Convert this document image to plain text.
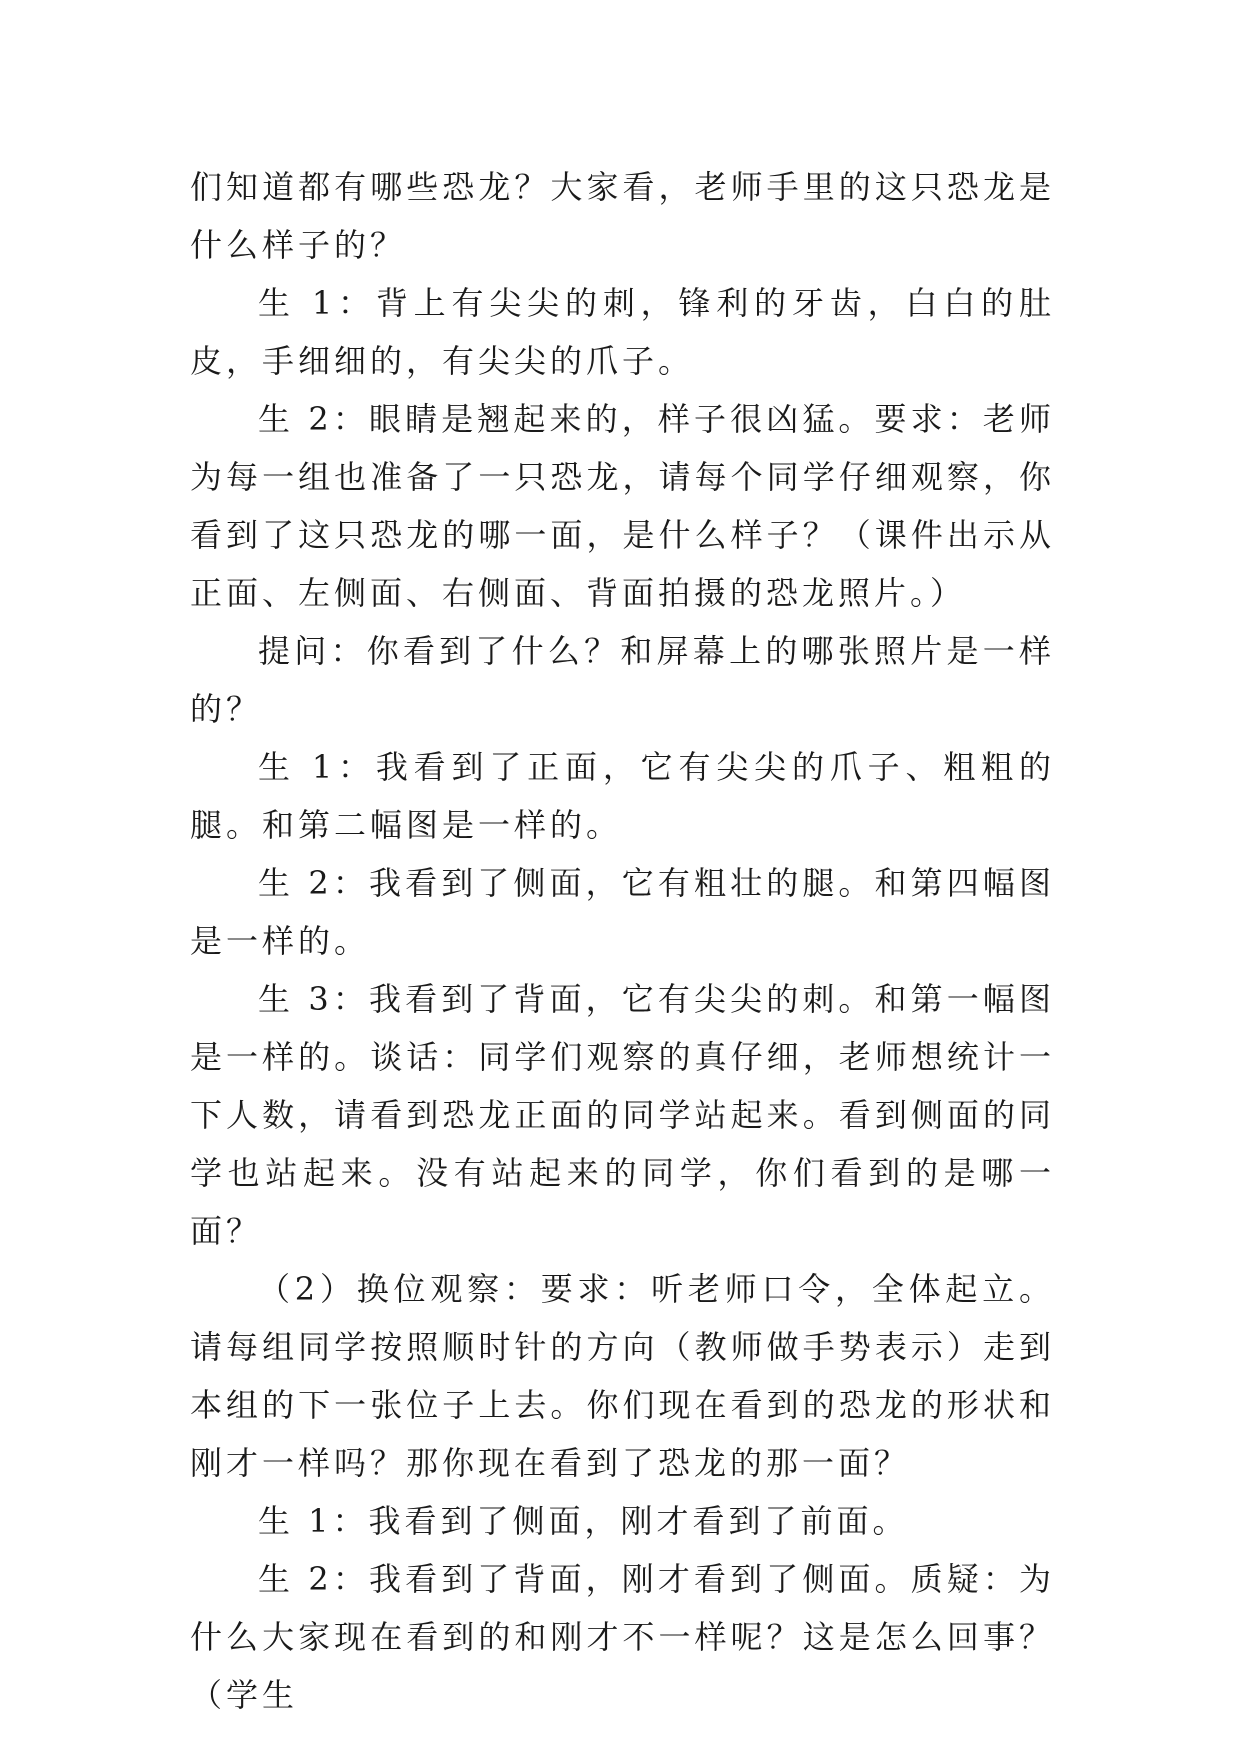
们知道都有哪些恐龙？大家看，老师手里的这只恐龙是什么样子的？

生 1：背上有尖尖的刺，锋利的牙齿，白白的肚皮，手细细的，有尖尖的爪子。

生 2：眼睛是翘起来的，样子很凶猛。要求：老师为每一组也准备了一只恐龙，请每个同学仔细观察，你看到了这只恐龙的哪一面，是什么样子？（课件出示从正面、左侧面、右侧面、背面拍摄的恐龙照片。）

提问：你看到了什么？和屏幕上的哪张照片是一样的？

生 1：我看到了正面，它有尖尖的爪子、粗粗的腿。和第二幅图是一样的。

生 2：我看到了侧面，它有粗壮的腿。和第四幅图是一样的。

生 3：我看到了背面，它有尖尖的刺。和第一幅图是一样的。谈话：同学们观察的真仔细，老师想统计一下人数，请看到恐龙正面的同学站起来。看到侧面的同学也站起来。没有站起来的同学，你们看到的是哪一面？

（2）换位观察：要求：听老师口令，全体起立。请每组同学按照顺时针的方向（教师做手势表示）走到本组的下一张位子上去。你们现在看到的恐龙的形状和刚才一样吗？那你现在看到了恐龙的那一面？

生 1：我看到了侧面，刚才看到了前面。

生 2：我看到了背面，刚才看到了侧面。质疑：为什么大家现在看到的和刚才不一样呢？这是怎么回事？（学生
